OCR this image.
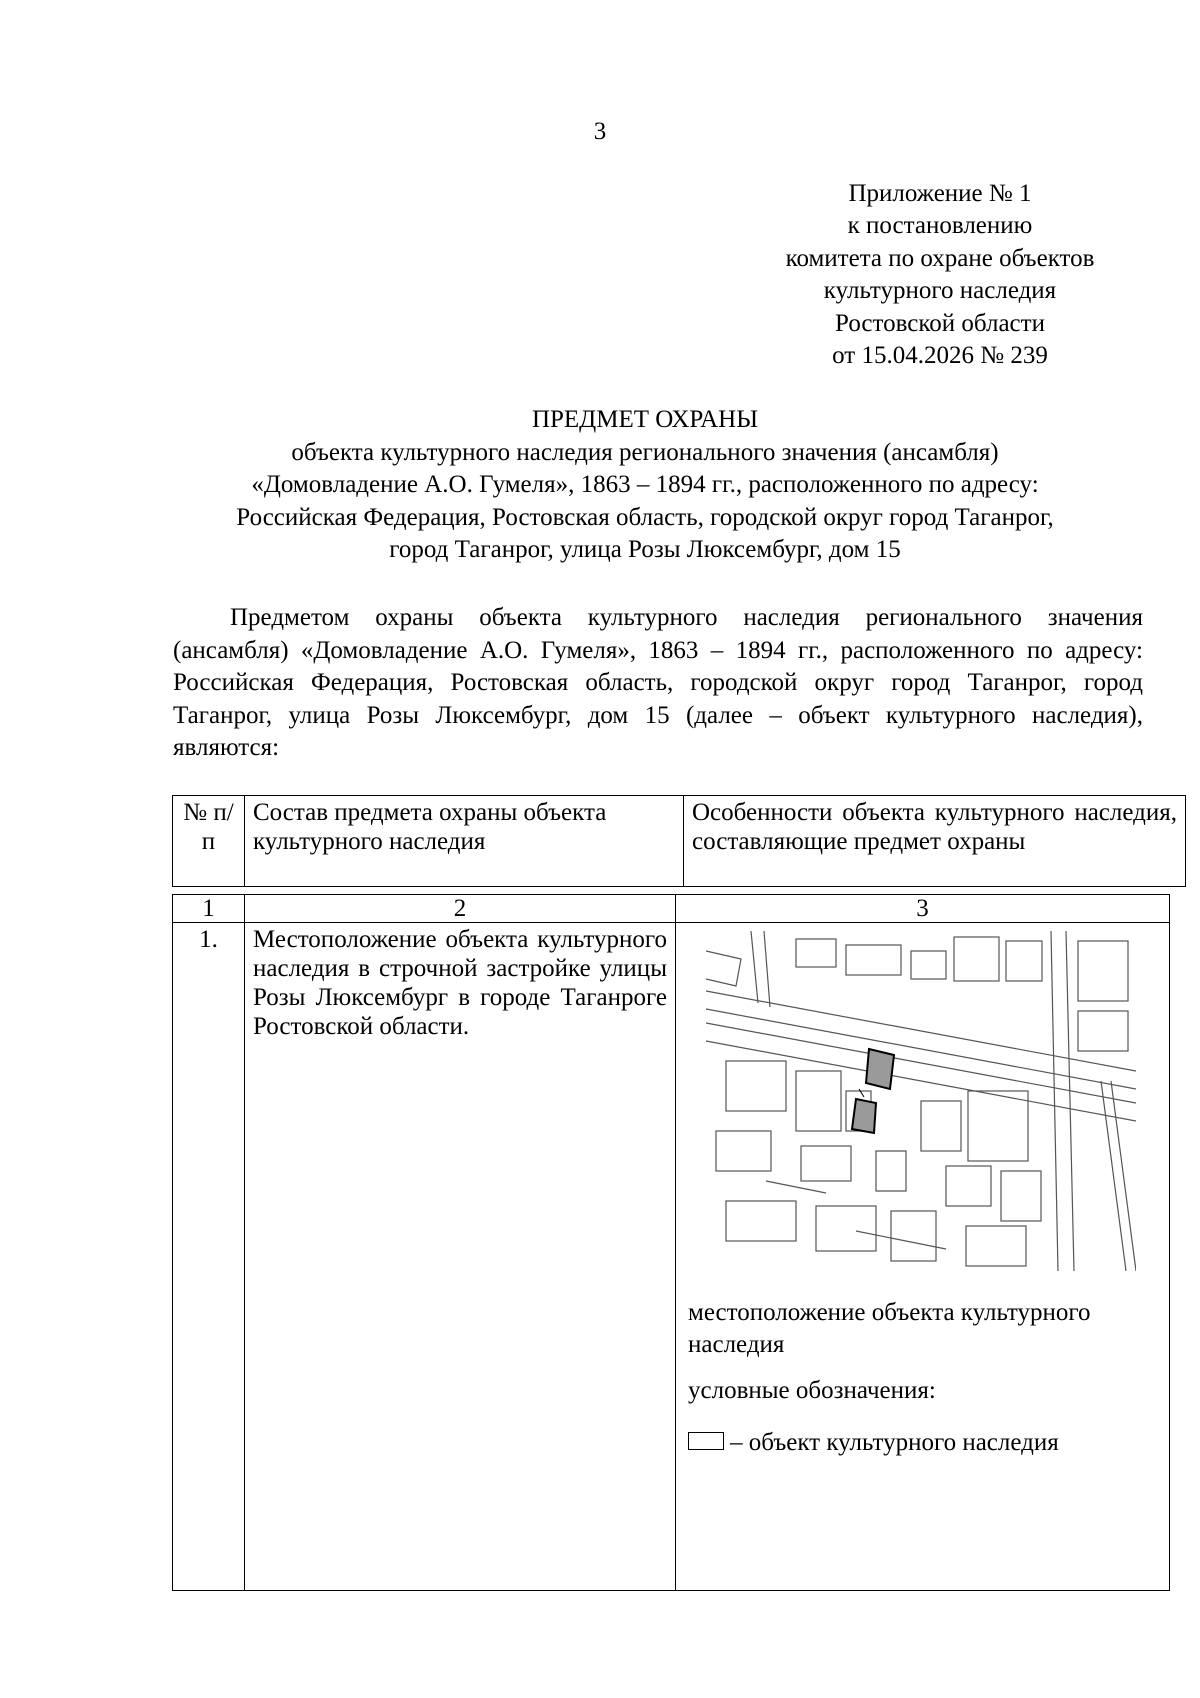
3
Приложение № 1
к постановлению
комитета по охране объектов
культурного наследия
Ростовской области
от 15.04.2026 № 239
ПРЕДМЕТ ОХРАНЫ
объекта культурного наследия регионального значения (ансамбля)
«Домовладение А.О. Гумеля», 1863 – 1894 гг., расположенного по адресу:
Российская Федерация, Ростовская область, городской округ город Таганрог,
город Таганрог, улица Розы Люксембург, дом 15

Предметом охраны объекта культурного наследия регионального значения (ансамбля) «Домовладение А.О. Гумеля», 1863 – 1894 гг., расположенного по адресу: Российская Федерация, Ростовская область, городской округ город Таганрог, город Таганрог, улица Розы Люксембург, дом 15 (далее – объект культурного наследия), являются:

№ п/п	Состав предмета охраны объекта культурного наследия	Особенности объекта культурного наследия, составляющие предмет охраны
1	2	3
1.	Местоположение объекта культурного наследия в строчной застройке улицы Розы Люксембург в городе Таганроге Ростовской области.	местоположение объекта культурного наследия
условные обозначения:
– объект культурного наследия
